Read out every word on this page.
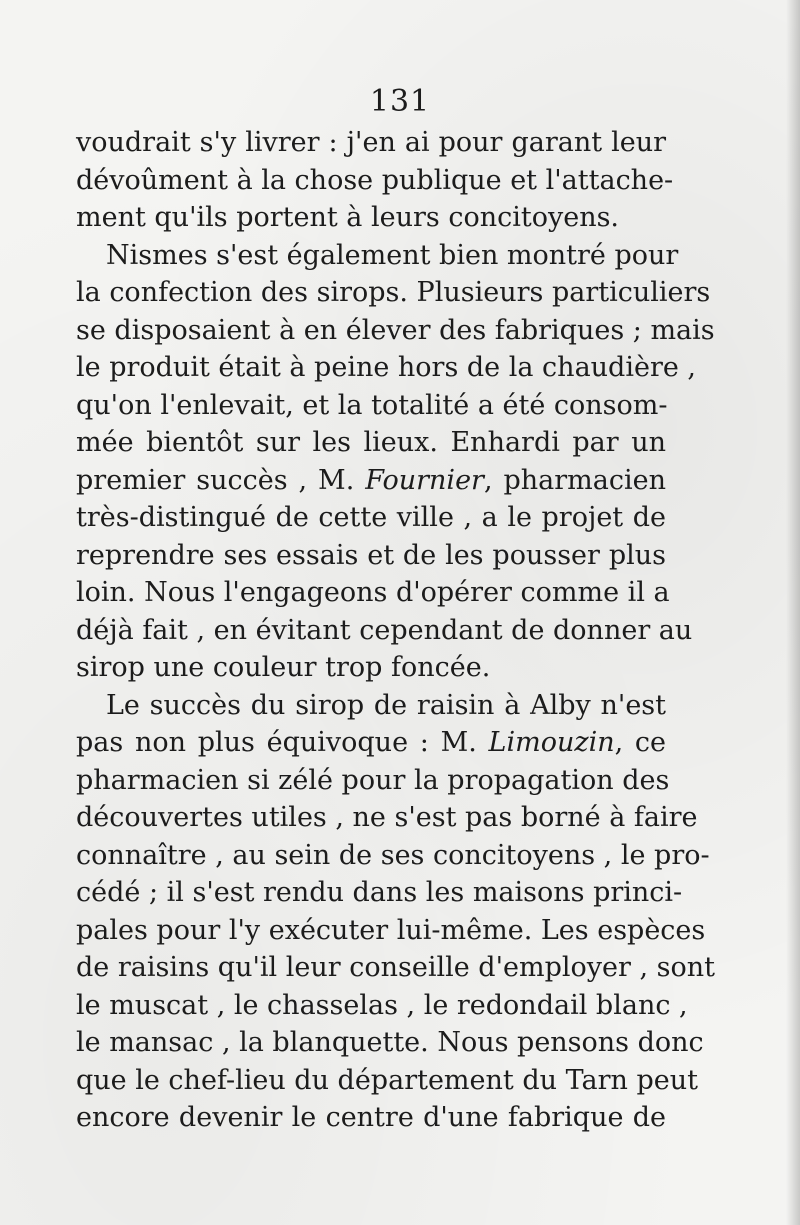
131
voudrait s'y livrer : j'en ai pour garant leur
dévoûment à la chose publique et l'attache-
ment qu'ils portent à leurs concitoyens.
Nismes s'est également bien montré pour
la confection des sirops. Plusieurs particuliers
se disposaient à en élever des fabriques ; mais
le produit était à peine hors de la chaudière ,
qu'on l'enlevait, et la totalité a été consom-
mée bientôt sur les lieux. Enhardi par un
premier succès , M. Fournier, pharmacien
très-distingué de cette ville , a le projet de
reprendre ses essais et de les pousser plus
loin. Nous l'engageons d'opérer comme il a
déjà fait , en évitant cependant de donner au
sirop une couleur trop foncée.
Le succès du sirop de raisin à Alby n'est
pas non plus équivoque : M. Limouzin, ce
pharmacien si zélé pour la propagation des
découvertes utiles , ne s'est pas borné à faire
connaître , au sein de ses concitoyens , le pro-
cédé ; il s'est rendu dans les maisons princi-
pales pour l'y exécuter lui-même. Les espèces
de raisins qu'il leur conseille d'employer , sont
le muscat , le chasselas , le redondail blanc ,
le mansac , la blanquette. Nous pensons donc
que le chef-lieu du département du Tarn peut
encore devenir le centre d'une fabrique de
